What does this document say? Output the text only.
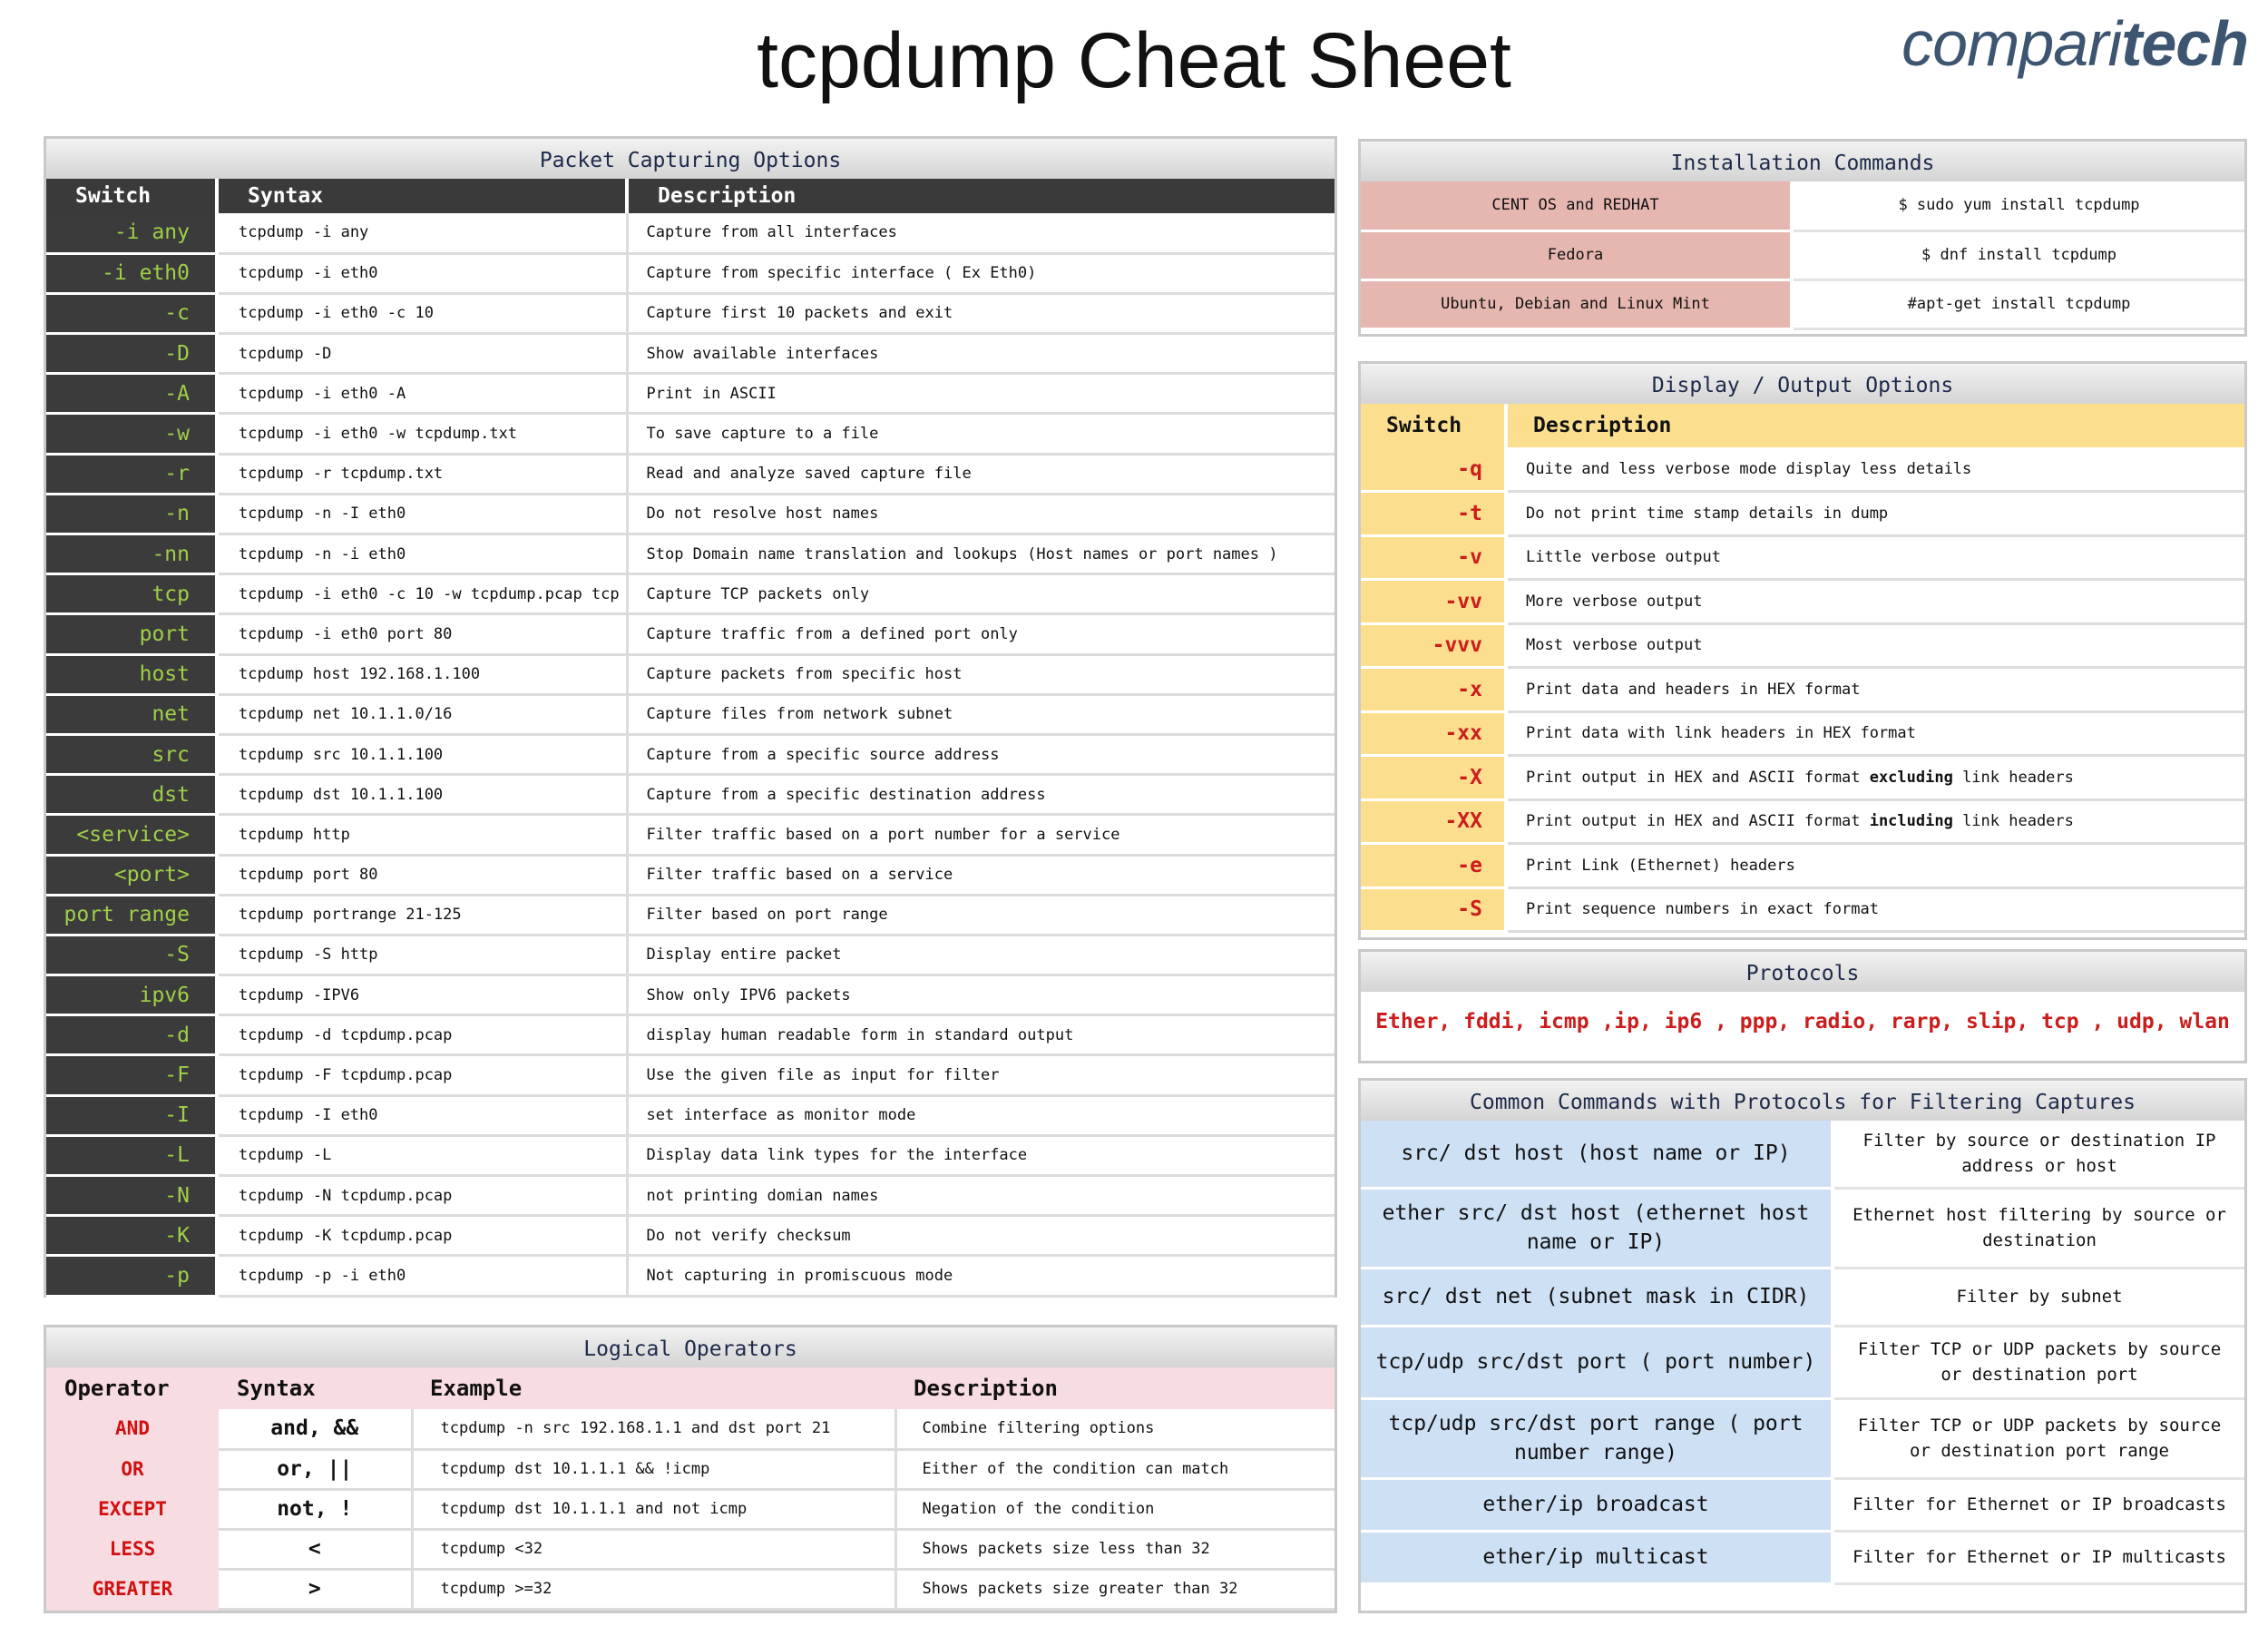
tcpdump Cheat Sheet	comparitech
Packet Capturing Options
Switch	Syntax	Description
-i any	tcpdump -i any	Capture from all interfaces
-i eth0	tcpdump -i eth0	Capture from specific interface ( Ex Eth0)
-c	tcpdump -i eth0 -c 10	Capture first 10 packets and exit
-D	tcpdump -D	Show available interfaces
-A	tcpdump -i eth0 -A	Print in ASCII
-w	tcpdump -i eth0 -w tcpdump.txt	To save capture to a file
-r	tcpdump -r tcpdump.txt	Read and analyze saved capture file
-n	tcpdump -n -I eth0	Do not resolve host names
-nn	tcpdump -n -i eth0	Stop Domain name translation and lookups (Host names or port names )
tcp	tcpdump -i eth0 -c 10 -w tcpdump.pcap tcp	Capture TCP packets only
port	tcpdump -i eth0 port 80	Capture traffic from a defined port only
host	tcpdump host 192.168.1.100	Capture packets from specific host
net	tcpdump net 10.1.1.0/16	Capture files from network subnet
src	tcpdump src 10.1.1.100	Capture from a specific source address
dst	tcpdump dst 10.1.1.100	Capture from a specific destination address
<service>	tcpdump http	Filter traffic based on a port number for a service
<port>	tcpdump port 80	Filter traffic based on a service
port range	tcpdump portrange 21-125	Filter based on port range
-S	tcpdump -S http	Display entire packet
ipv6	tcpdump -IPV6	Show only IPV6 packets
-d	tcpdump -d tcpdump.pcap	display human readable form in standard output
-F	tcpdump -F tcpdump.pcap	Use the given file as input for filter
-I	tcpdump -I eth0	set interface as monitor mode
-L	tcpdump -L	Display data link types for the interface
-N	tcpdump -N tcpdump.pcap	not printing domian names
-K	tcpdump -K tcpdump.pcap	Do not verify checksum
-p	tcpdump -p -i eth0	Not capturing in promiscuous mode
Logical Operators
Operator	Syntax	Example	Description
AND	and, &&	tcpdump -n src 192.168.1.1 and dst port 21	Combine filtering options
OR	or, ||	tcpdump dst 10.1.1.1 && !icmp	Either of the condition can match
EXCEPT	not, !	tcpdump dst 10.1.1.1 and not icmp	Negation of the condition
LESS	<	tcpdump <32	Shows packets size less than 32
GREATER	>	tcpdump >=32	Shows packets size greater than 32
Installation Commands
CENT OS and REDHAT	$ sudo yum install tcpdump
Fedora	$ dnf install tcpdump
Ubuntu, Debian and Linux Mint	#apt-get install tcpdump
Display / Output Options
Switch	Description
-q	Quite and less verbose mode display less details
-t	Do not print time stamp details in dump
-v	Little verbose output
-vv	More verbose output
-vvv	Most verbose output
-x	Print data and headers in HEX format
-xx	Print data with link headers in HEX format
-X	Print output in HEX and ASCII format excluding link headers
-XX	Print output in HEX and ASCII format including link headers
-e	Print Link (Ethernet) headers
-S	Print sequence numbers in exact format
Protocols
Ether, fddi, icmp ,ip, ip6 , ppp, radio, rarp, slip, tcp , udp, wlan
Common Commands with Protocols for Filtering Captures
src/ dst host (host name or IP)	Filter by source or destination IP address or host
ether src/ dst host (ethernet host name or IP)	Ethernet host filtering by source or destination
src/ dst net (subnet mask in CIDR)	Filter by subnet
tcp/udp src/dst port ( port number)	Filter TCP or UDP packets by source or destination port
tcp/udp src/dst port range ( port number range)	Filter TCP or UDP packets by source or destination port range
ether/ip broadcast	Filter for Ethernet or IP broadcasts
ether/ip multicast	Filter for Ethernet or IP multicasts
